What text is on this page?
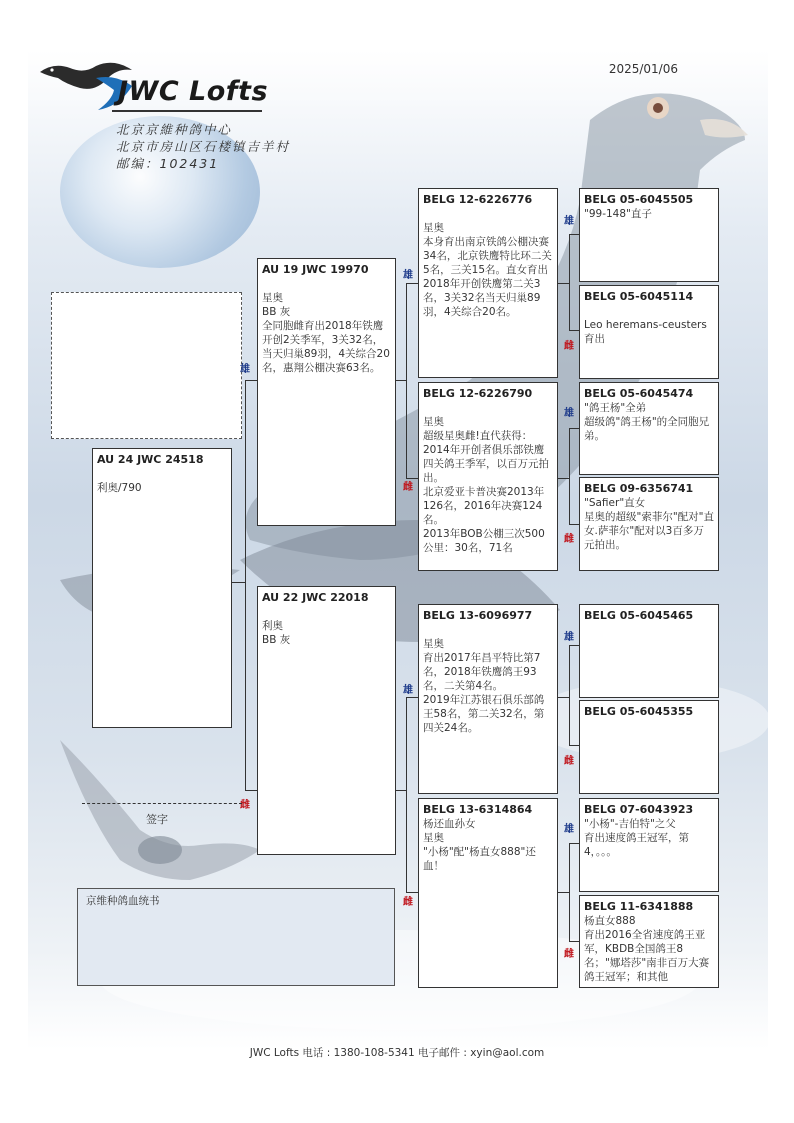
2025/01/06
JWC Lofts
北京京維种鸽中心
北京市房山区石楼镇吉羊村
邮编：102431
雄
雌
雄
雌
雄
雌
雄
雌
雄
雌
雄
雌
雄
雌
AU 24 JWC 24518
利奥/790
AU 19 JWC 19970
星奥
BB 灰
全同胞雌育出2018年铁鹰开创2关季军，3关32名，当天归巢89羽，4关综合20名，惠翔公棚决赛63名。
AU 22 JWC 22018
利奥
BB 灰
BELG 12-6226776
星奥
本身育出南京铁鸽公棚决赛34名，北京铁鹰特比环二关5名，三关15名。直女育出2018年开创铁鹰第二关3名，3关32名当天归巢89羽，4关综合20名。
BELG 12-6226790
星奥
超级星奥雌!直代获得：2014年开创者俱乐部铁鹰四关鸽王季军，以百万元拍出。
北京爱亚卡普决赛2013年126名，2016年决赛124名。
2013年BOB公棚三次500公里：30名，71名
BELG 13-6096977
星奥
育出2017年昌平特比第7名，2018年铁鹰鸽王93名，二关第4名。
2019年江苏银石俱乐部鸽王58名，第二关32名，第四关24名。
BELG 13-6314864
杨还血孙女
星奥
"小杨"配"杨直女888"还血！
BELG 05-6045505
"99-148"直子
BELG 05-6045114

Leo heremans-ceusters 育出
BELG 05-6045474
"鸽王杨"全弟
超级鸽"鸽王杨"的全同胞兄弟。
BELG 09-6356741
"Safier"直女
星奥的超级"索菲尔"配对"直女.萨菲尔"配对以3百多万元拍出。
BELG 05-6045465
BELG 05-6045355
BELG 07-6043923
"小杨"-吉伯特"之父
育出速度鸽王冠军，第4，。。。
BELG 11-6341888
杨直女888
育出2016全省速度鸽王亚军，KBDB全国鸽王8名；"娜塔莎"南非百万大赛鸽王冠军；和其他
签字
京维种鸽血统书
JWC Lofts 电话 : 1380-108-5341 电子邮件 : xyin@aol.com
